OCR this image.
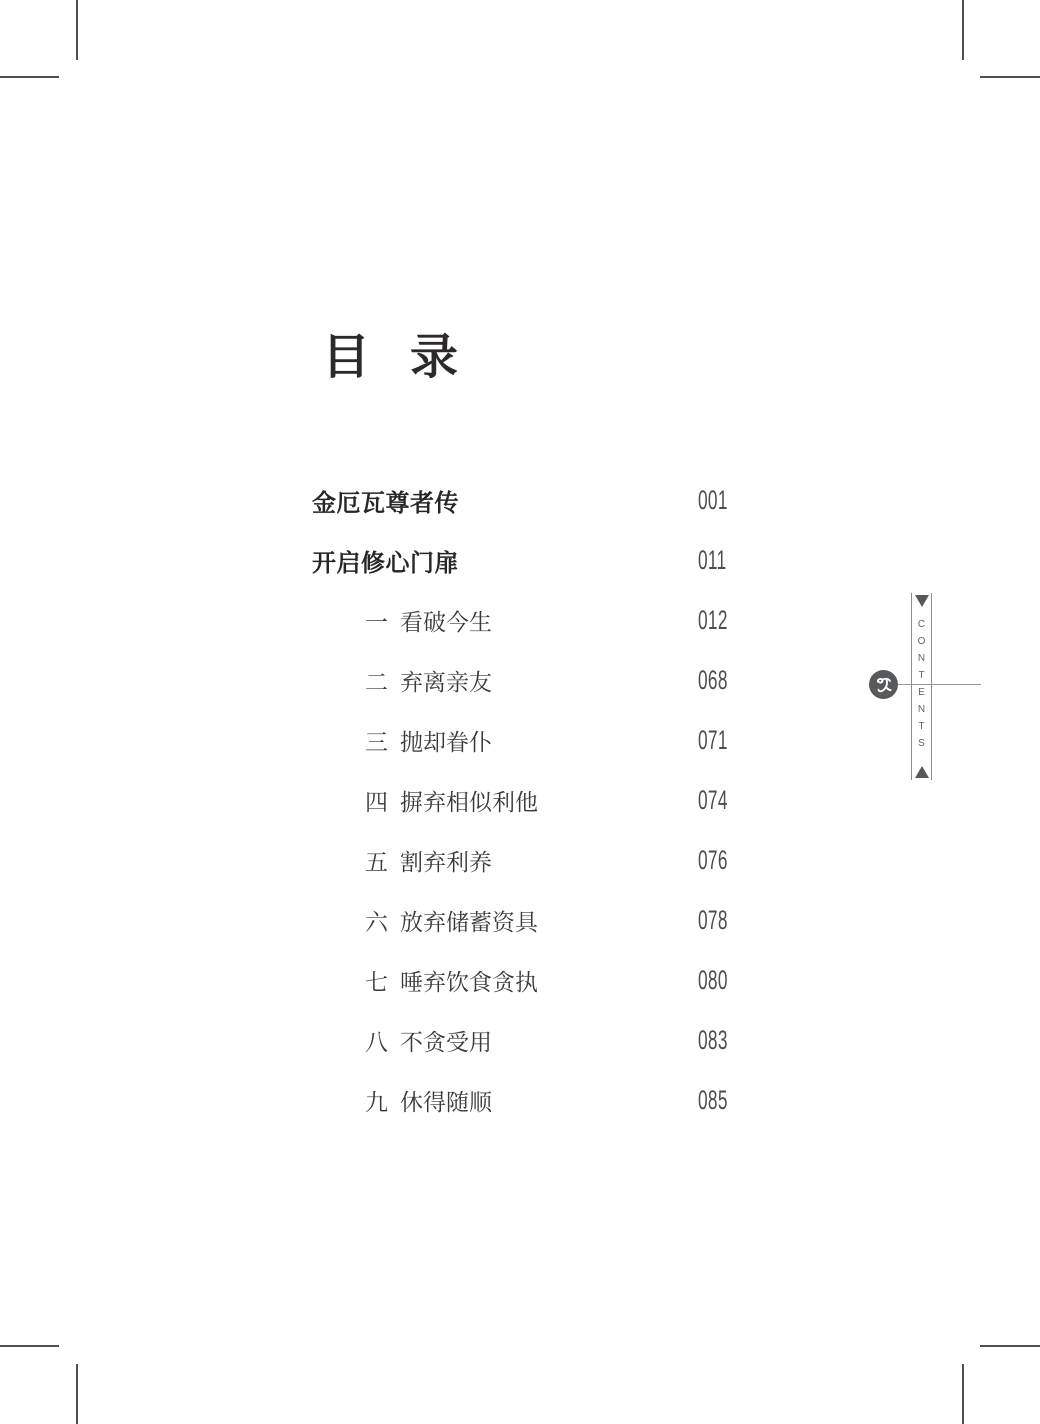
目 录
金厄瓦尊者传	001
开启修心门扉	011
一 看破今生	012
二 弃离亲友	068
三 抛却眷仆	071
四 摒弃相似利他	074
五 割弃利养	076
六 放弃储蓄资具	078
七 唾弃饮食贪执	080
八 不贪受用	083
九 休得随顺	085
CONTENTS
